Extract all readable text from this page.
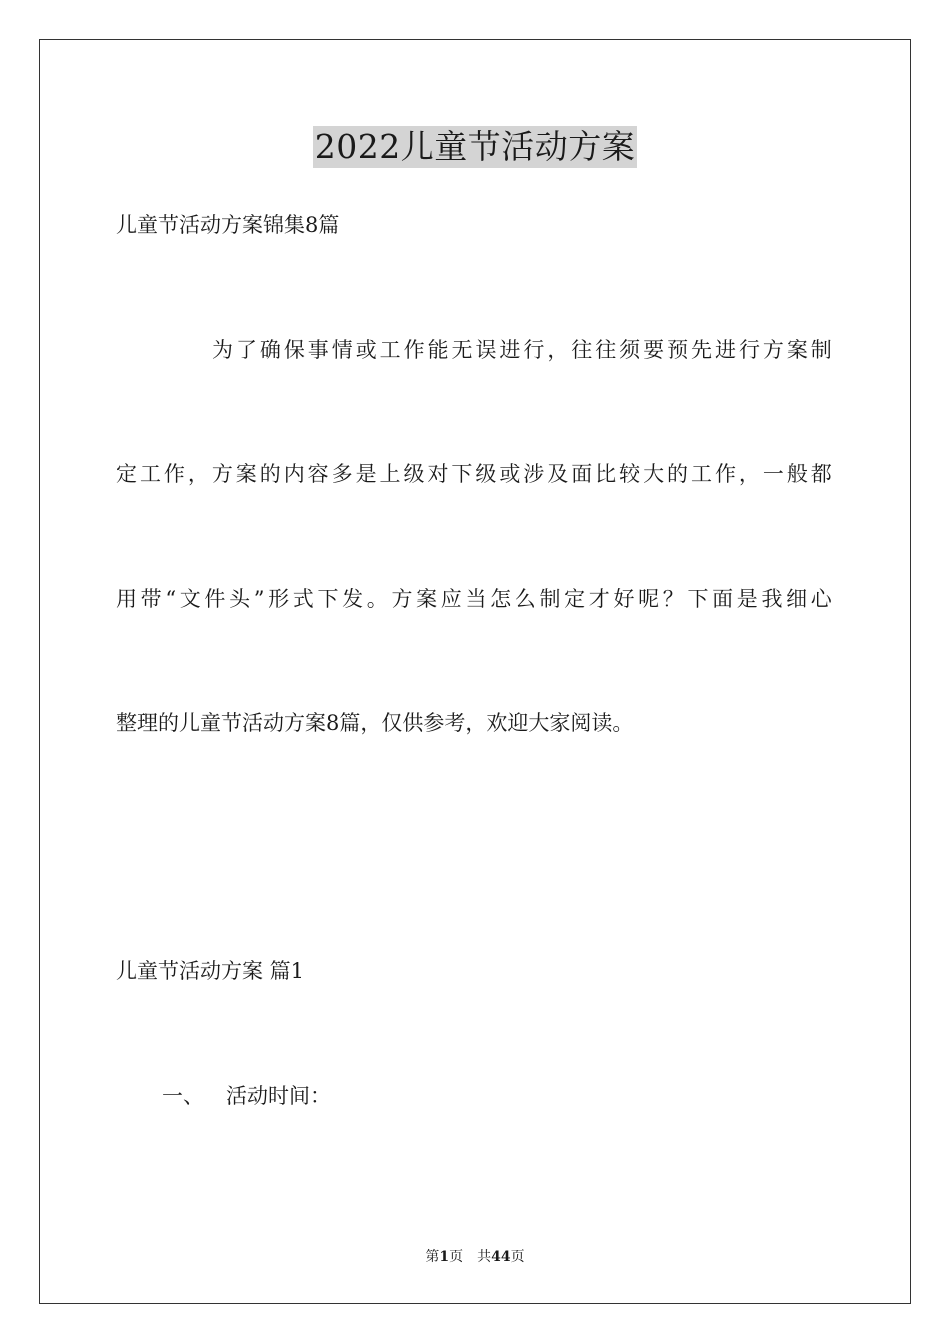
2022儿童节活动方案
儿童节活动方案锦集8篇
为了确保事情或工作能无误进行，往往须要预先进行方案制
定工作，方案的内容多是上级对下级或涉及面比较大的工作，一般都
用带“文件头”形式下发。方案应当怎么制定才好呢？下面是我细心
整理的儿童节活动方案8篇，仅供参考，欢迎大家阅读。
儿童节活动方案 篇1
一、 活动时间：
第1页 共44页
